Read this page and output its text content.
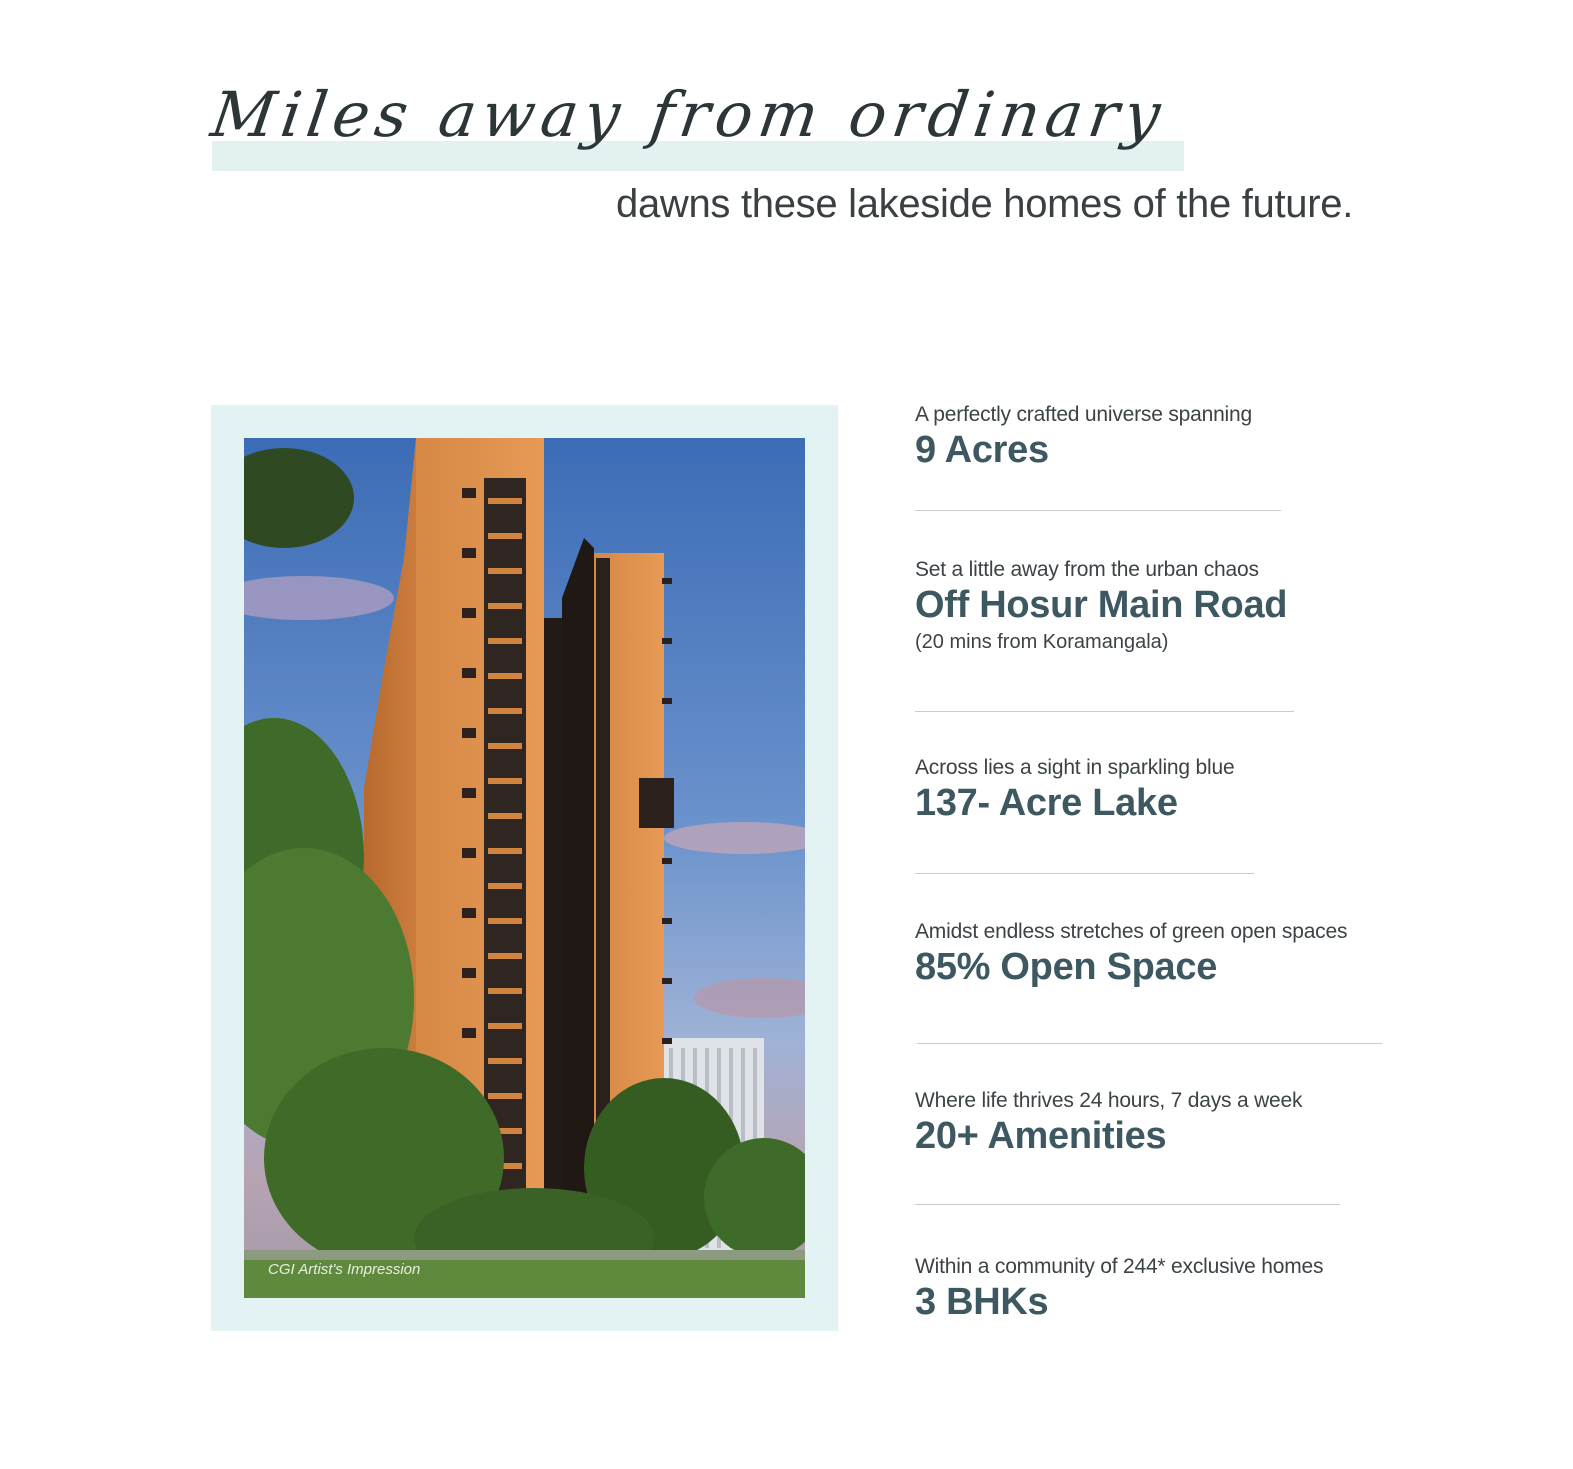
Miles away from ordinary

dawns these lakeside homes of the future.

CGI Artist's Impression
A perfectly crafted universe spanning
9 Acres
Set a little away from the urban chaos
Off Hosur Main Road
(20 mins from Koramangala)
Across lies a sight in sparkling blue
137- Acre Lake
Amidst endless stretches of green open spaces
85% Open Space
Where life thrives 24 hours, 7 days a week
20+ Amenities
Within a community of 244* exclusive homes
3 BHKs
